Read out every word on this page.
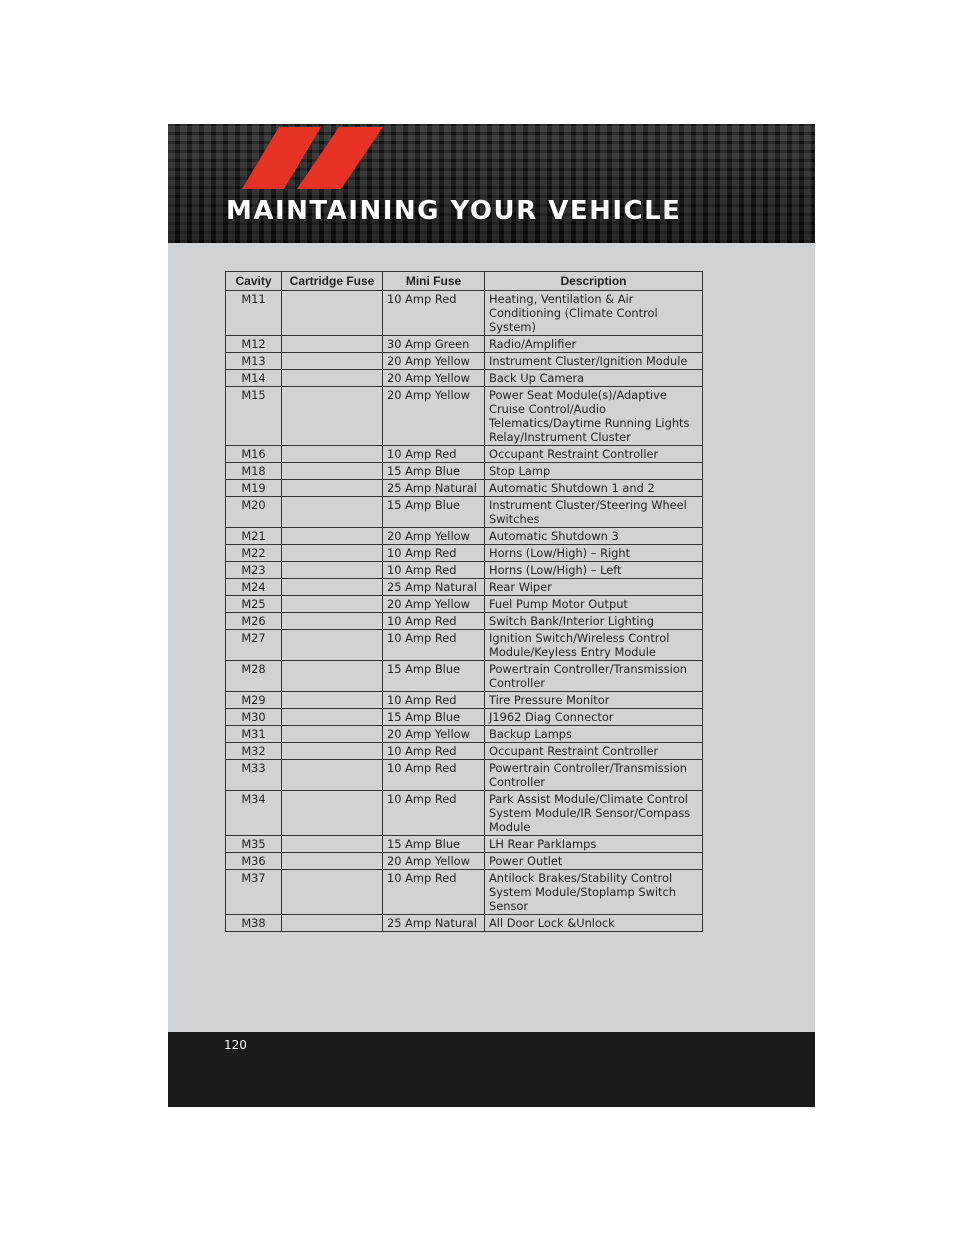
MAINTAINING YOUR VEHICLE
Cavity	Cartridge Fuse	Mini Fuse	Description
M11		10 Amp Red	Heating, Ventilation & Air Conditioning (Climate Control System)
M12		30 Amp Green	Radio/Amplifier
M13		20 Amp Yellow	Instrument Cluster/Ignition Module
M14		20 Amp Yellow	Back Up Camera
M15		20 Amp Yellow	Power Seat Module(s)/Adaptive Cruise Control/Audio Telematics/Daytime Running Lights Relay/Instrument Cluster
M16		10 Amp Red	Occupant Restraint Controller
M18		15 Amp Blue	Stop Lamp
M19		25 Amp Natural	Automatic Shutdown 1 and 2
M20		15 Amp Blue	Instrument Cluster/Steering Wheel Switches
M21		20 Amp Yellow	Automatic Shutdown 3
M22		10 Amp Red	Horns (Low/High) – Right
M23		10 Amp Red	Horns (Low/High) – Left
M24		25 Amp Natural	Rear Wiper
M25		20 Amp Yellow	Fuel Pump Motor Output
M26		10 Amp Red	Switch Bank/Interior Lighting
M27		10 Amp Red	Ignition Switch/Wireless Control Module/Keyless Entry Module
M28		15 Amp Blue	Powertrain Controller/Transmission Controller
M29		10 Amp Red	Tire Pressure Monitor
M30		15 Amp Blue	J1962 Diag Connector
M31		20 Amp Yellow	Backup Lamps
M32		10 Amp Red	Occupant Restraint Controller
M33		10 Amp Red	Powertrain Controller/Transmission Controller
M34		10 Amp Red	Park Assist Module/Climate Control System Module/IR Sensor/Compass Module
M35		15 Amp Blue	LH Rear Parklamps
M36		20 Amp Yellow	Power Outlet
M37		10 Amp Red	Antilock Brakes/Stability Control System Module/Stoplamp Switch Sensor
M38		25 Amp Natural	All Door Lock &Unlock
120
